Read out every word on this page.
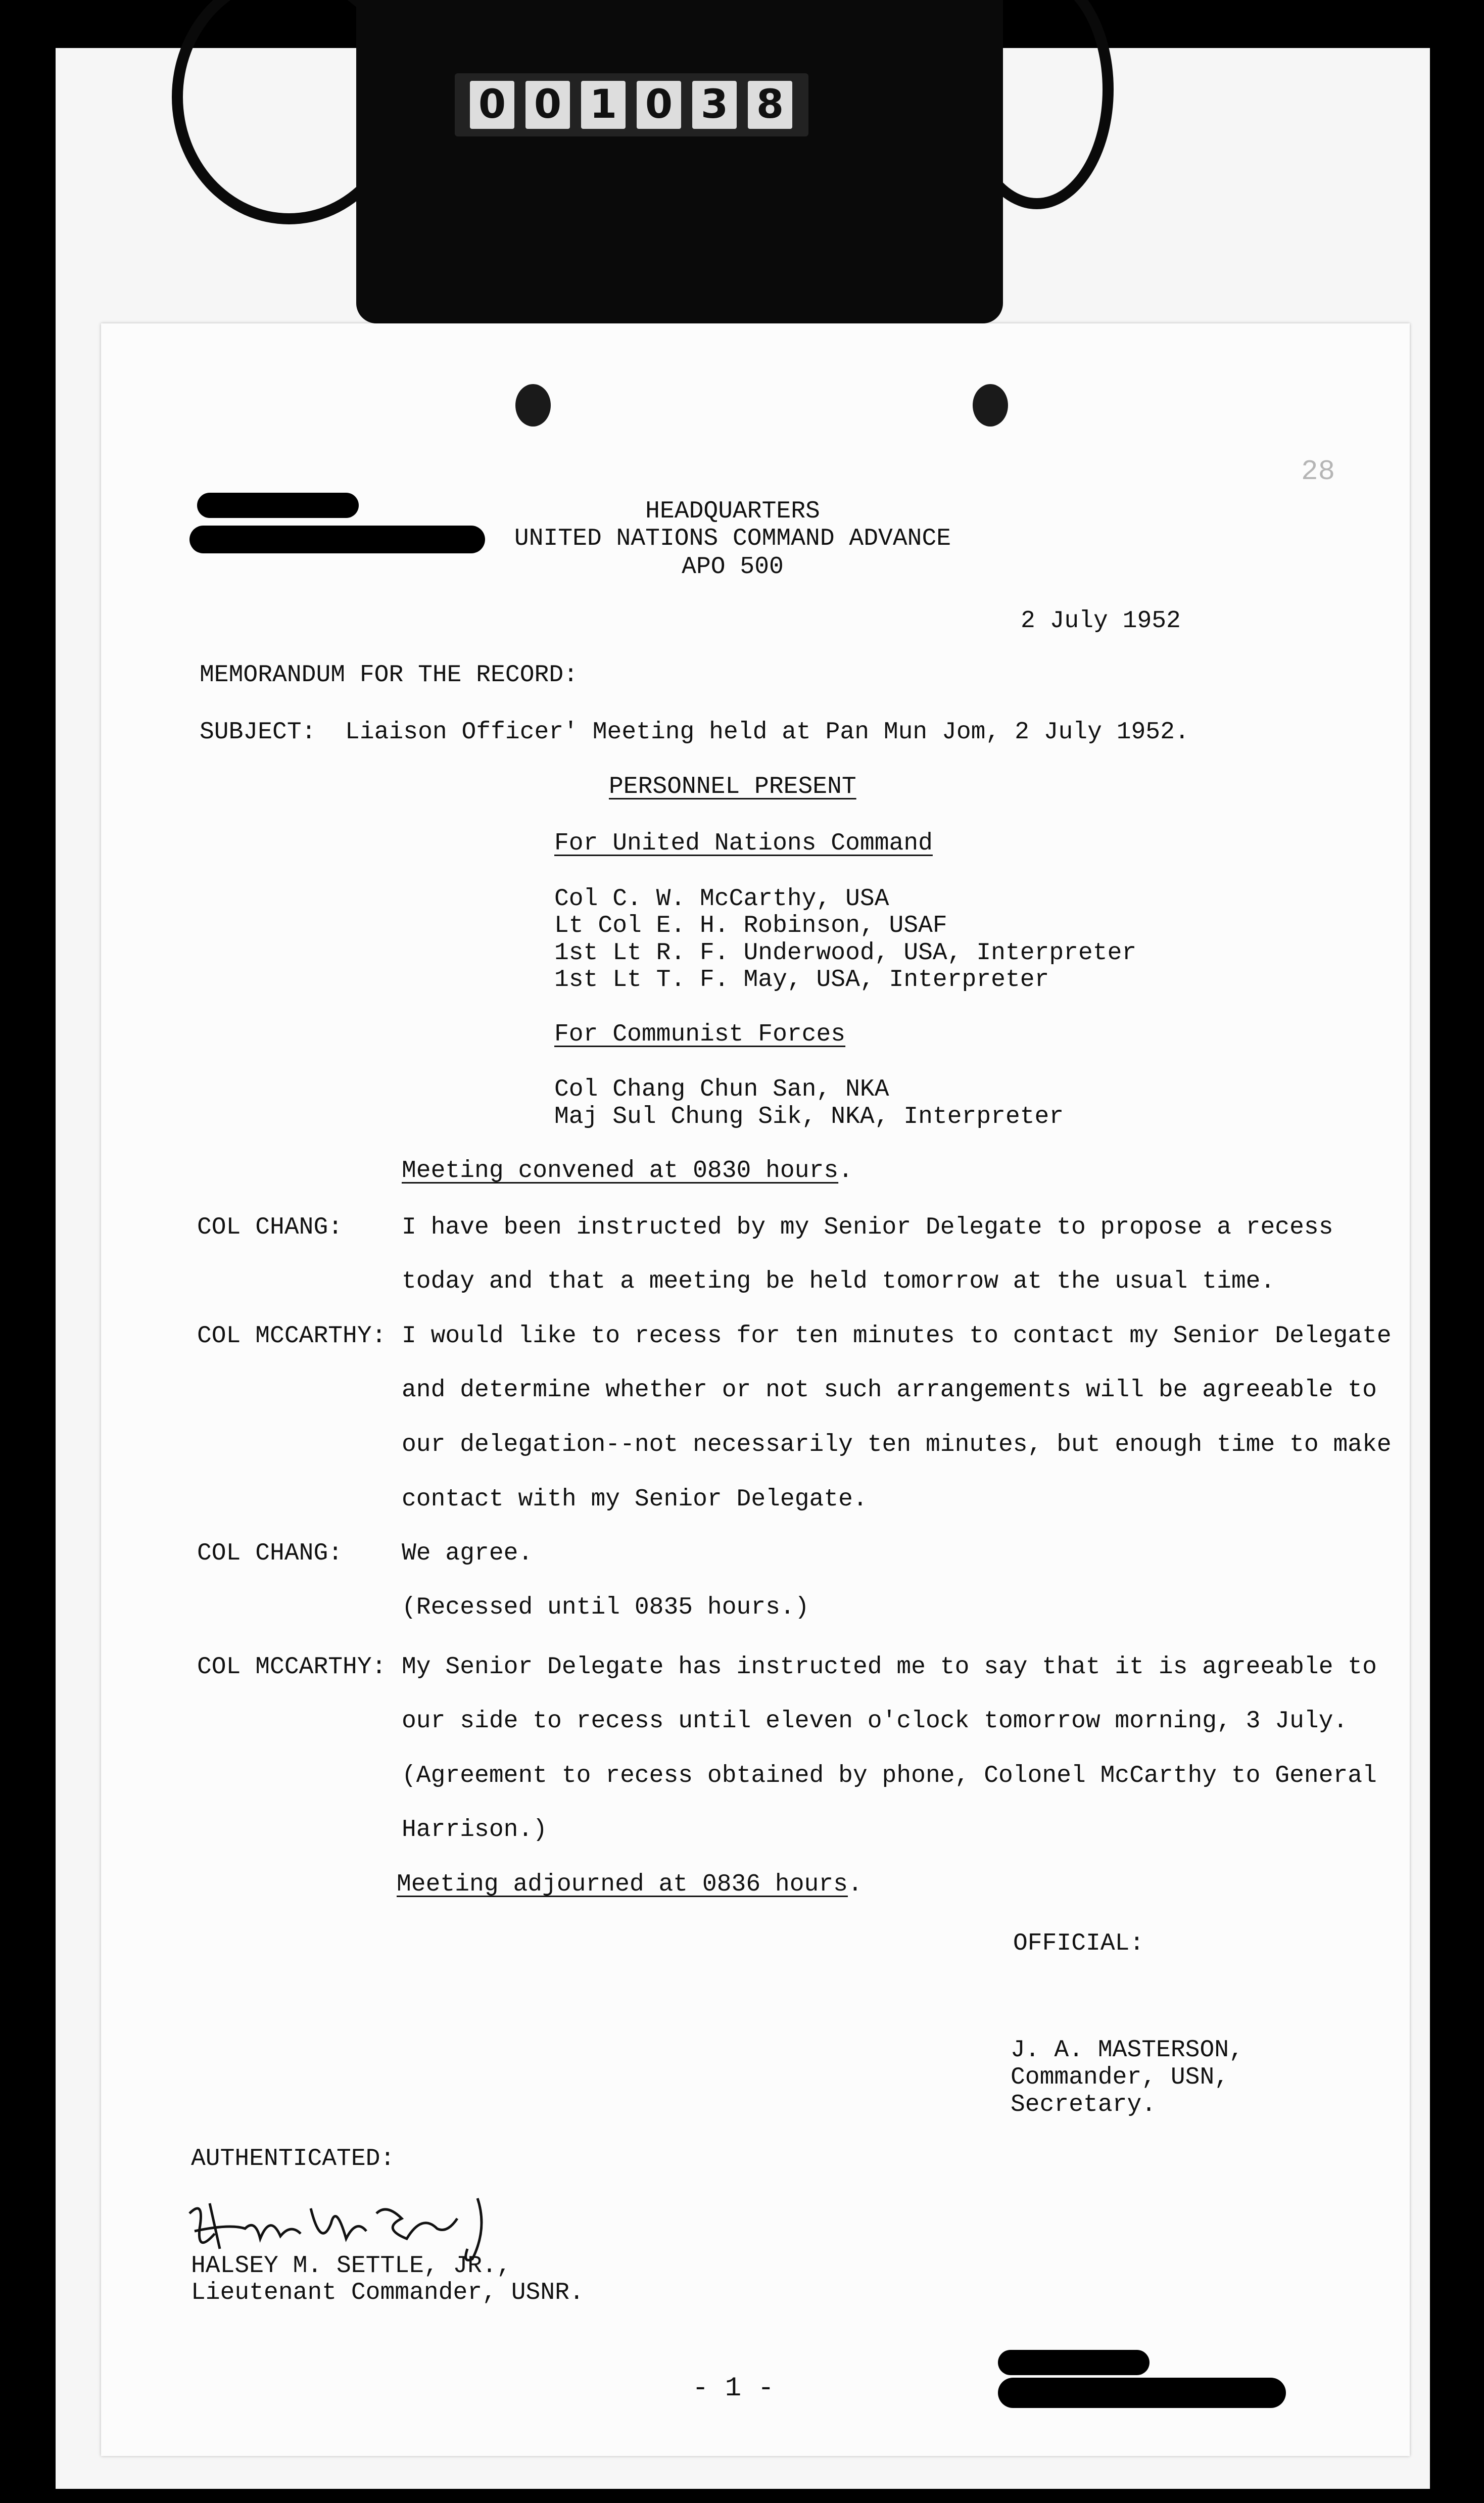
0 0 1 0 3 8
28
HEADQUARTERS
UNITED NATIONS COMMAND ADVANCE
APO 500
2 July 1952
MEMORANDUM FOR THE RECORD:
SUBJECT:  Liaison Officer' Meeting held at Pan Mun Jom, 2 July 1952.
PERSONNEL PRESENT
For United Nations Command
Col C. W. McCarthy, USA
Lt Col E. H. Robinson, USAF
1st Lt R. F. Underwood, USA, Interpreter
1st Lt T. F. May, USA, Interpreter
For Communist Forces
Col Chang Chun San, NKA
Maj Sul Chung Sik, NKA, Interpreter
Meeting convened at 0830 hours.
COL CHANG: I have been instructed by my Senior Delegate to propose a recess
today and that a meeting be held tomorrow at the usual time.
COL MCCARTHY: I would like to recess for ten minutes to contact my Senior Delegate
and determine whether or not such arrangements will be agreeable to
our delegation--not necessarily ten minutes, but enough time to make
contact with my Senior Delegate.
COL CHANG: We agree.
(Recessed until 0835 hours.)
COL MCCARTHY: My Senior Delegate has instructed me to say that it is agreeable to
our side to recess until eleven o'clock tomorrow morning, 3 July.
(Agreement to recess obtained by phone, Colonel McCarthy to General
Harrison.)
Meeting adjourned at 0836 hours.
OFFICIAL:
J. A. MASTERSON,
Commander, USN,
Secretary.
AUTHENTICATED:
HALSEY M. SETTLE, JR.,
Lieutenant Commander, USNR.
- 1 -
